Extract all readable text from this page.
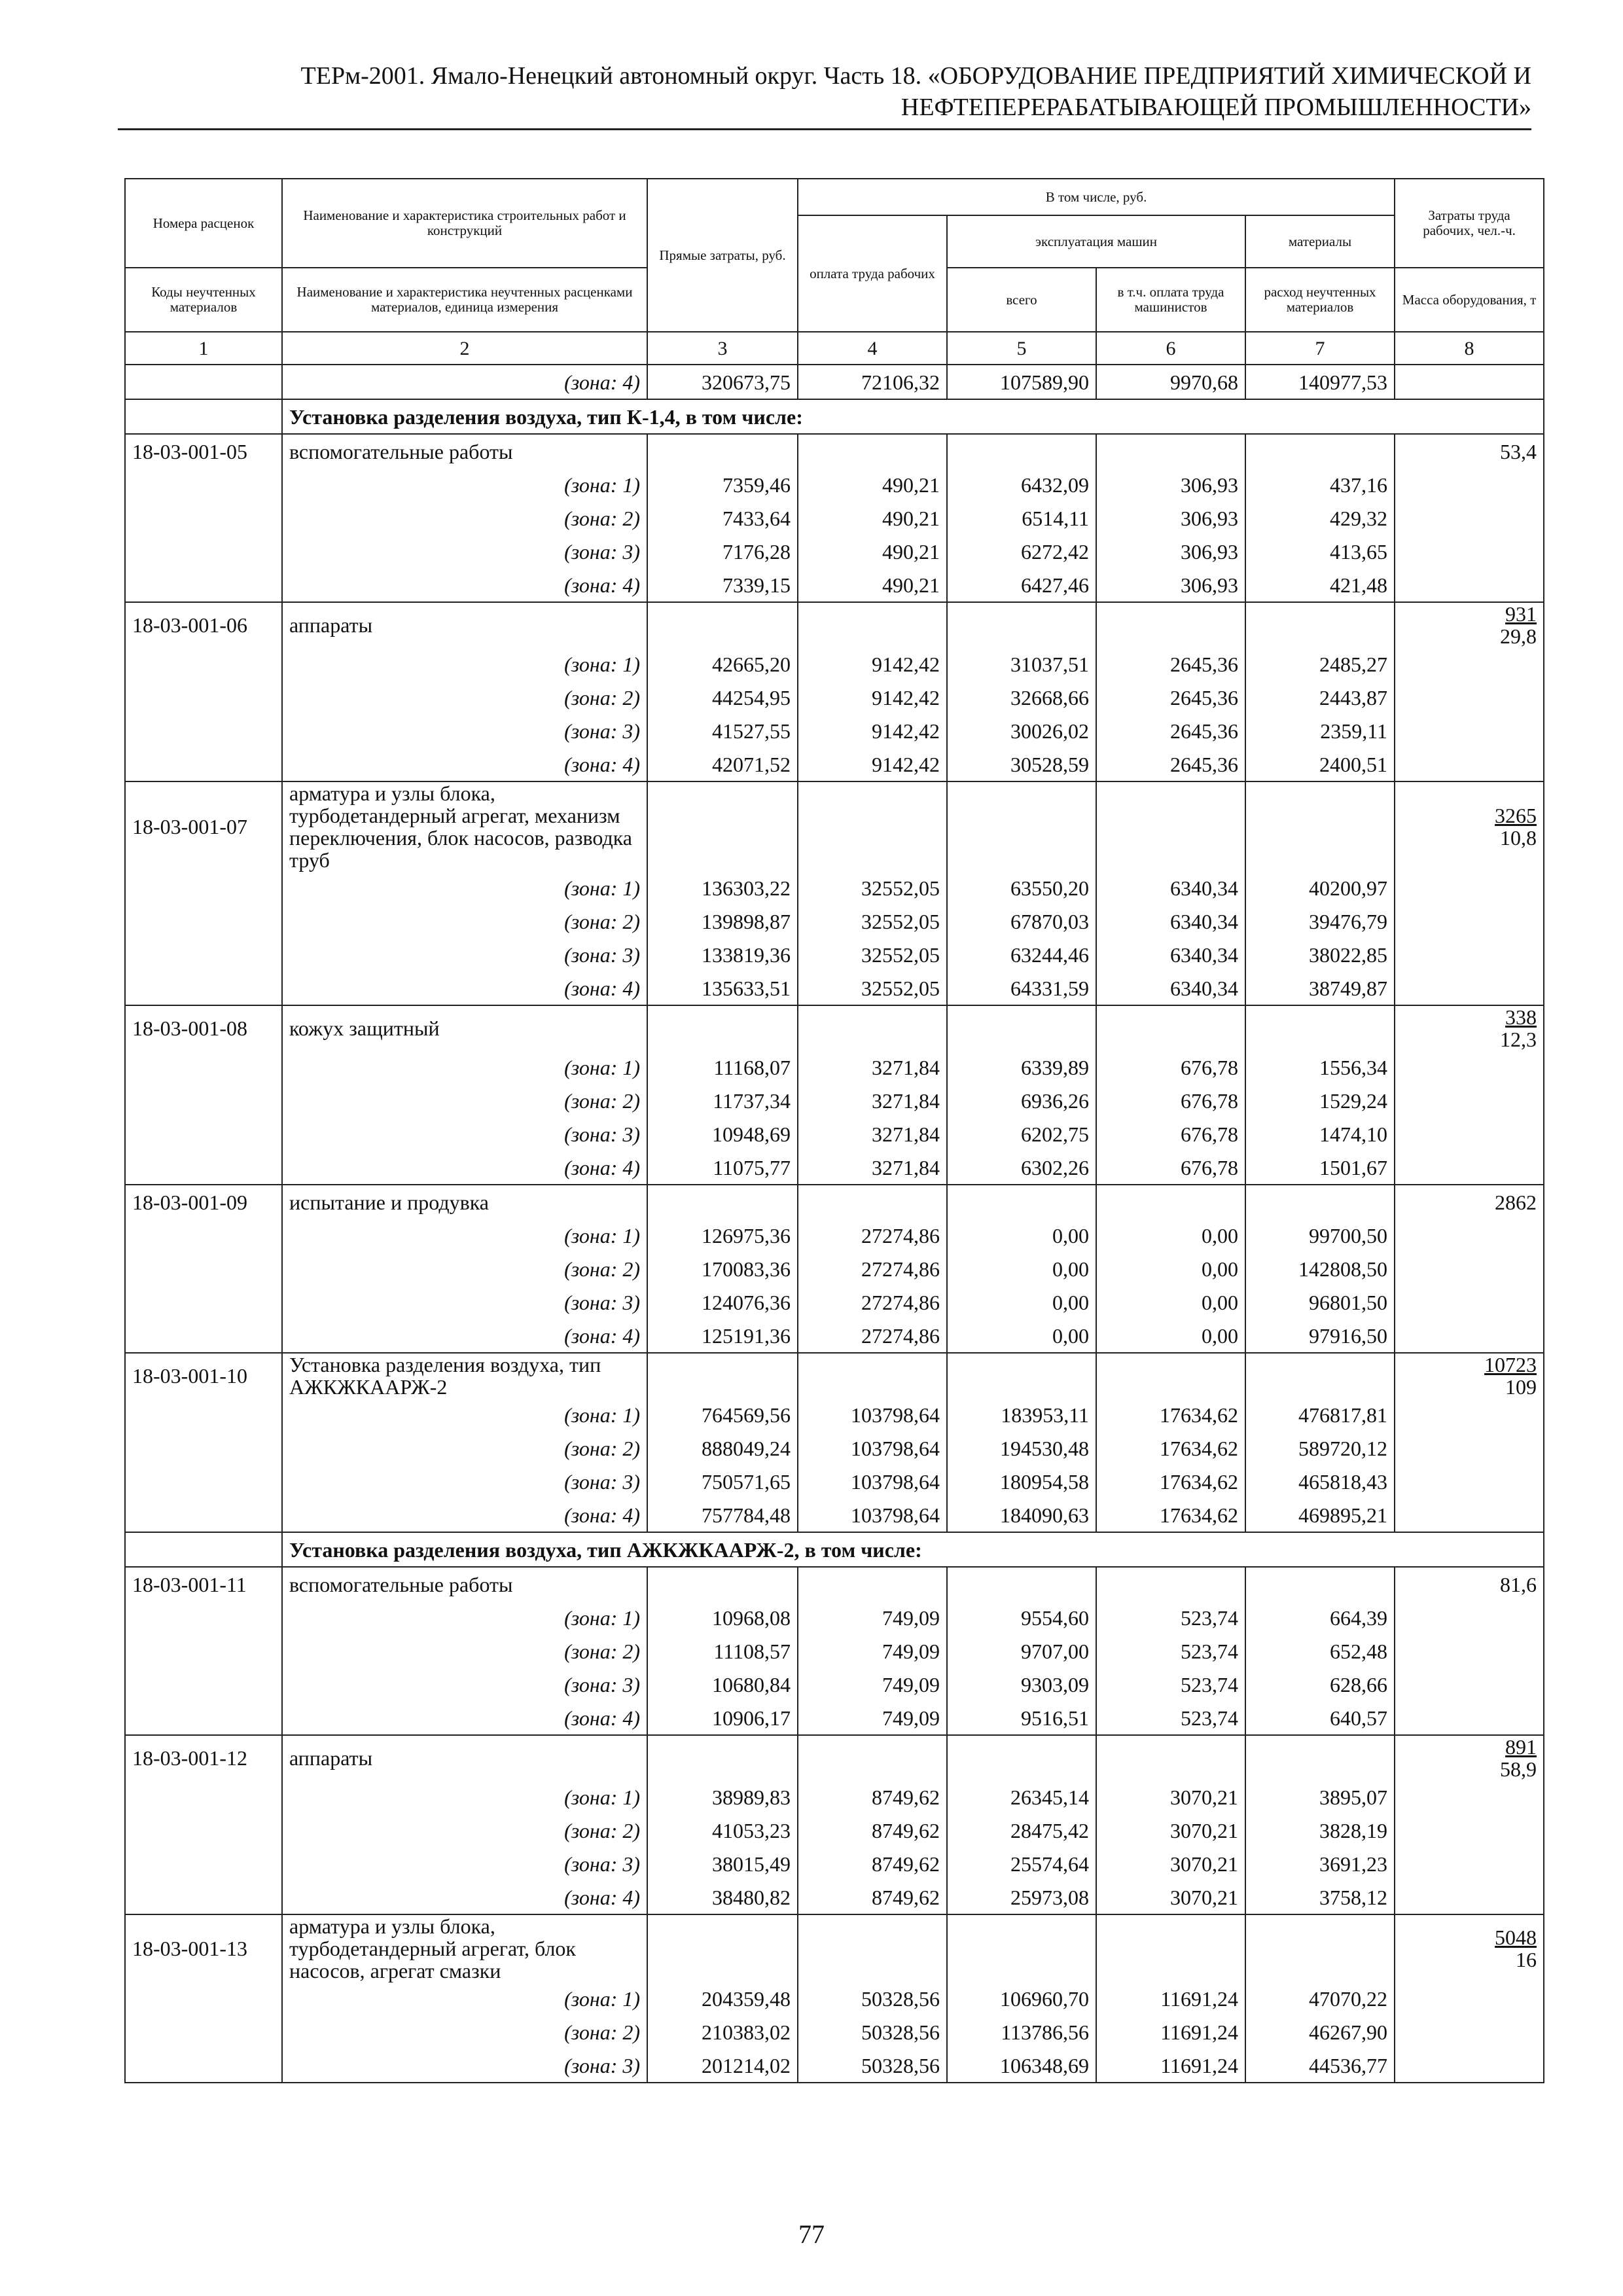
ТЕРм-2001. Ямало-Ненецкий автономный округ. Часть 18. «ОБОРУДОВАНИЕ ПРЕДПРИЯТИЙ ХИМИЧЕСКОЙ И
НЕФТЕПЕРЕРАБАТЫВАЮЩЕЙ ПРОМЫШЛЕННОСТИ»
Номера расценок	Наименование и характеристика строительных работ и конструкций	Прямые затраты, руб.	В том числе, руб.				Затраты труда рабочих, чел.-ч.
			оплата труда рабочих	эксплуатация машин		материалы	
Коды неучтенных материалов	Наименование и характеристика неучтенных расценками материалов, единица измерения			всего	в т.ч. оплата труда машинистов	расход неучтенных материалов	Масса оборудования, т
1	2	3	4	5	6	7	8
	(зона: 4)	320673,75	72106,32	107589,90	9970,68	140977,53	
	Установка разделения воздуха, тип К-1,4, в том числе:						
18-03-001-05	вспомогательные работы						53,4
	(зона: 1)	7359,46	490,21	6432,09	306,93	437,16	
	(зона: 2)	7433,64	490,21	6514,11	306,93	429,32	
	(зона: 3)	7176,28	490,21	6272,42	306,93	413,65	
	(зона: 4)	7339,15	490,21	6427,46	306,93	421,48	
18-03-001-06	аппараты						$\frac{931}{29,8}$

	(зона: 1)	42665,20	9142,42	31037,51	2645,36	2485,27	
	(зона: 2)	44254,95	9142,42	32668,66	2645,36	2443,87	
	(зона: 3)	41527,55	9142,42	30026,02	2645,36	2359,11	
	(зона: 4)	42071,52	9142,42	30528,59	2645,36	2400,51	
18-03-001-07	арматура и узлы блока, турбодетандерный агрегат, механизм переключения, блок насосов, разводка труб						$\frac{3265}{10,8}$

	(зона: 1)	136303,22	32552,05	63550,20	6340,34	40200,97	
	(зона: 2)	139898,87	32552,05	67870,03	6340,34	39476,79	
	(зона: 3)	133819,36	32552,05	63244,46	6340,34	38022,85	
	(зона: 4)	135633,51	32552,05	64331,59	6340,34	38749,87	
18-03-001-08	кожух защитный						$\frac{338}{12,3}$

	(зона: 1)	11168,07	3271,84	6339,89	676,78	1556,34	
	(зона: 2)	11737,34	3271,84	6936,26	676,78	1529,24	
	(зона: 3)	10948,69	3271,84	6202,75	676,78	1474,10	
	(зона: 4)	11075,77	3271,84	6302,26	676,78	1501,67	
18-03-001-09	испытание и продувка						2862
	(зона: 1)	126975,36	27274,86	0,00	0,00	99700,50	
	(зона: 2)	170083,36	27274,86	0,00	0,00	142808,50	
	(зона: 3)	124076,36	27274,86	0,00	0,00	96801,50	
	(зона: 4)	125191,36	27274,86	0,00	0,00	97916,50	
18-03-001-10	Установка разделения воздуха, тип АЖКЖКААРЖ-2						$\frac{10723}{109}$

	(зона: 1)	764569,56	103798,64	183953,11	17634,62	476817,81	
	(зона: 2)	888049,24	103798,64	194530,48	17634,62	589720,12	
	(зона: 3)	750571,65	103798,64	180954,58	17634,62	465818,43	
	(зона: 4)	757784,48	103798,64	184090,63	17634,62	469895,21	
	Установка разделения воздуха, тип АЖКЖКААРЖ-2, в том числе:						
18-03-001-11	вспомогательные работы						81,6
	(зона: 1)	10968,08	749,09	9554,60	523,74	664,39	
	(зона: 2)	11108,57	749,09	9707,00	523,74	652,48	
	(зона: 3)	10680,84	749,09	9303,09	523,74	628,66	
	(зона: 4)	10906,17	749,09	9516,51	523,74	640,57	
18-03-001-12	аппараты						$\frac{891}{58,9}$

	(зона: 1)	38989,83	8749,62	26345,14	3070,21	3895,07	
	(зона: 2)	41053,23	8749,62	28475,42	3070,21	3828,19	
	(зона: 3)	38015,49	8749,62	25574,64	3070,21	3691,23	
	(зона: 4)	38480,82	8749,62	25973,08	3070,21	3758,12	
18-03-001-13	арматура и узлы блока, турбодетандерный агрегат, блок насосов, агрегат смазки						$\frac{5048}{16}$

	(зона: 1)	204359,48	50328,56	106960,70	11691,24	47070,22	
	(зона: 2)	210383,02	50328,56	113786,56	11691,24	46267,90	
	(зона: 3)	201214,02	50328,56	106348,69	11691,24	44536,77	
77
